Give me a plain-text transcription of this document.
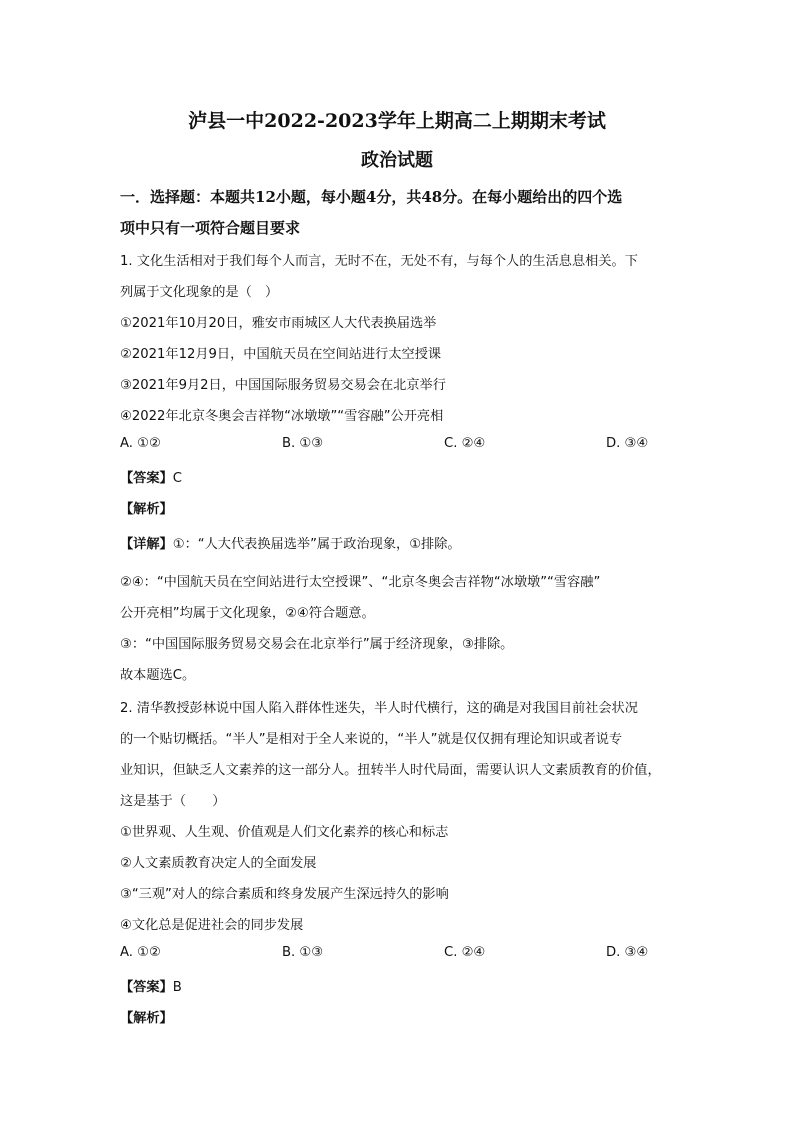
泸县一中2022-2023学年上期高二上期期末考试
政治试题
一．选择题：本题共12小题，每小题4分，共48分。在每小题给出的四个选
项中只有一项符合题目要求
1. 文化生活相对于我们每个人而言，无时不在，无处不有，与每个人的生活息息相关。下
列属于文化现象的是（　）
①2021年10月20日，雅安市雨城区人大代表换届选举
②2021年12月9日，中国航天员在空间站进行太空授课
③2021年9月2日，中国国际服务贸易交易会在北京举行
④2022年北京冬奥会吉祥物“冰墩墩”“雪容融”公开亮相
A. ①②	B. ①③	C. ②④	D. ③④
【答案】C
【解析】
【详解】①：“人大代表换届选举”属于政治现象，①排除。
②④：“中国航天员在空间站进行太空授课”、“北京冬奥会吉祥物“冰墩墩”“雪容融”
公开亮相”均属于文化现象，②④符合题意。
③：“中国国际服务贸易交易会在北京举行”属于经济现象，③排除。
故本题选C。
2. 清华教授彭林说中国人陷入群体性迷失，半人时代横行，这的确是对我国目前社会状况
的一个贴切概括。“半人”是相对于全人来说的，“半人”就是仅仅拥有理论知识或者说专
业知识，但缺乏人文素养的这一部分人。扭转半人时代局面，需要认识人文素质教育的价值，
这是基于（　　）
①世界观、人生观、价值观是人们文化素养的核心和标志
②人文素质教育决定人的全面发展
③“三观”对人的综合素质和终身发展产生深远持久的影响
④文化总是促进社会的同步发展
A. ①②	B. ①③	C. ②④	D. ③④
【答案】B
【解析】
